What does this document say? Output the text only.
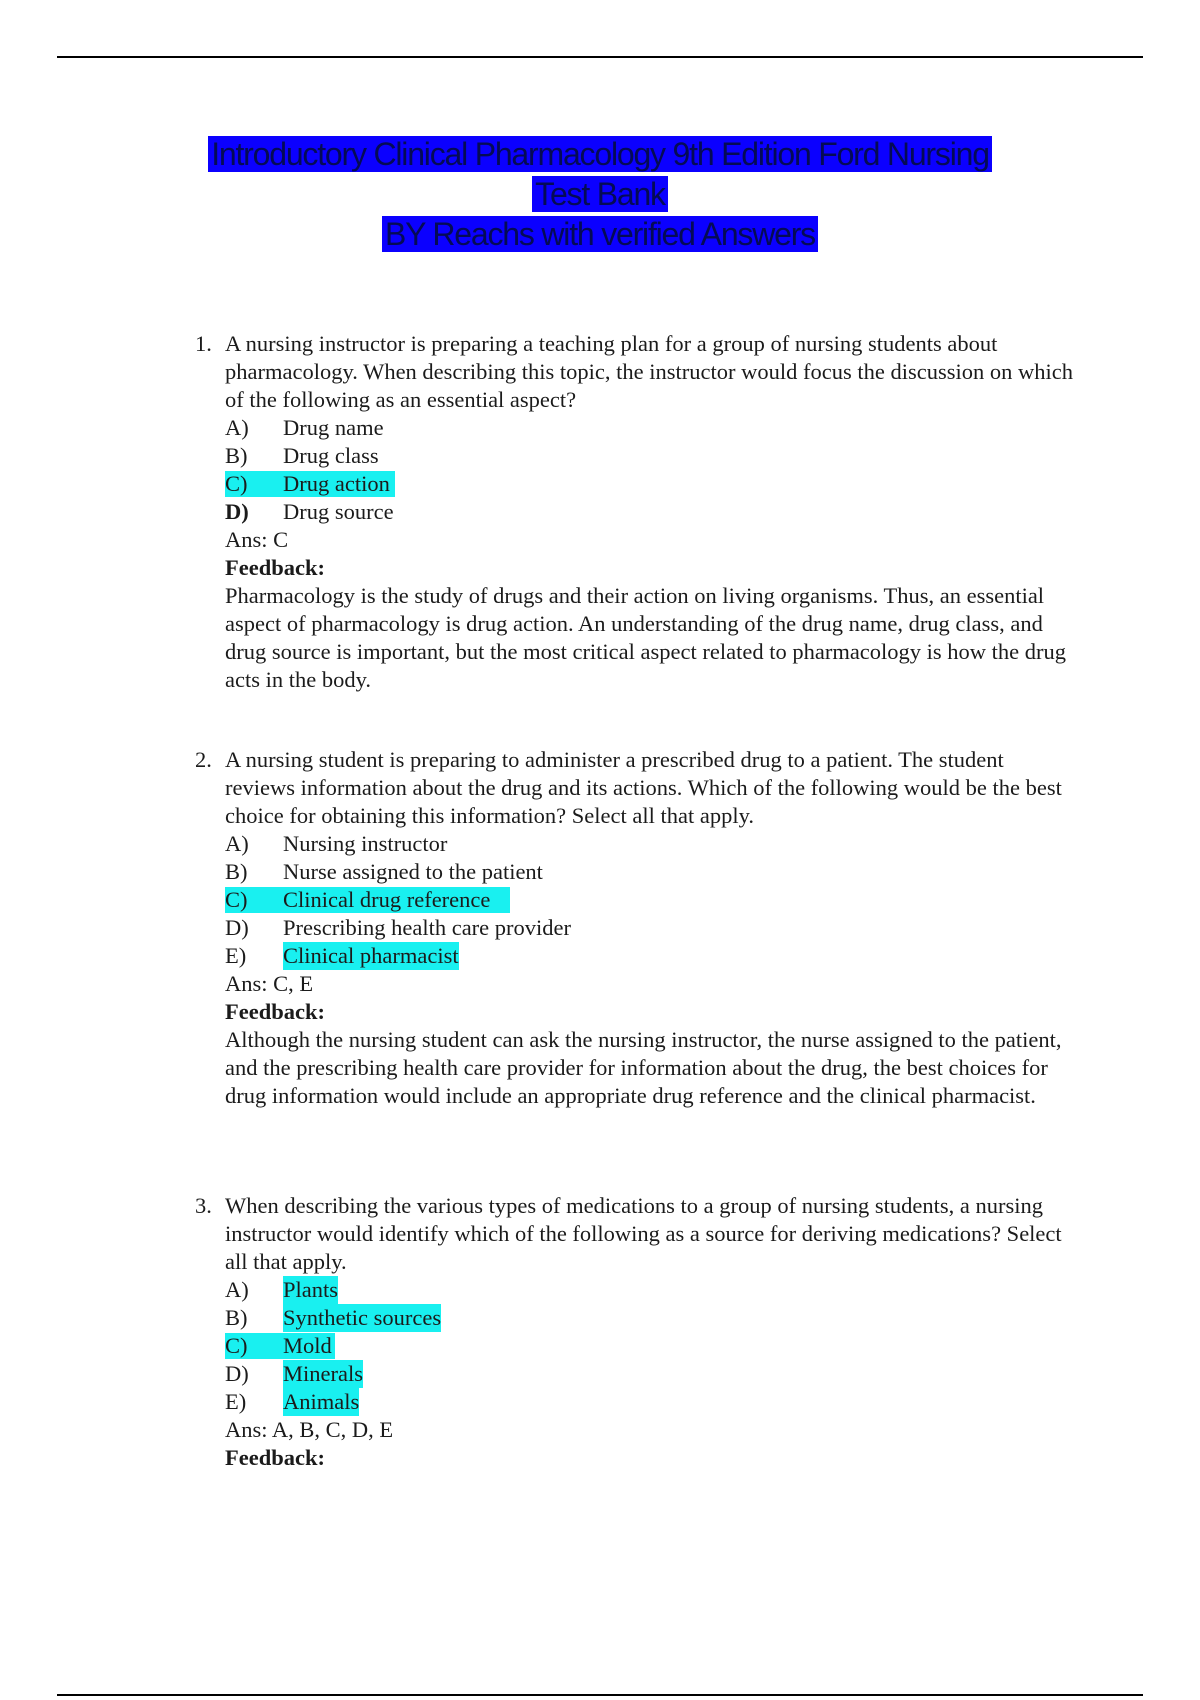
Introductory Clinical Pharmacology 9th Edition Ford Nursing
Test Bank
BY Reachs with verified Answers
1. A nursing instructor is preparing a teaching plan for a group of nursing students about pharmacology. When describing this topic, the instructor would focus the discussion on which of the following as an essential aspect?
A) Drug name
B) Drug class
C) Drug action
D) Drug source
Ans: C
Feedback:
Pharmacology is the study of drugs and their action on living organisms. Thus, an essential aspect of pharmacology is drug action. An understanding of the drug name, drug class, and drug source is important, but the most critical aspect related to pharmacology is how the drug acts in the body.
2. A nursing student is preparing to administer a prescribed drug to a patient. The student reviews information about the drug and its actions. Which of the following would be the best choice for obtaining this information? Select all that apply.
A) Nursing instructor
B) Nurse assigned to the patient
C) Clinical drug reference
D) Prescribing health care provider
E) Clinical pharmacist
Ans: C, E
Feedback:
Although the nursing student can ask the nursing instructor, the nurse assigned to the patient, and the prescribing health care provider for information about the drug, the best choices for drug information would include an appropriate drug reference and the clinical pharmacist.
3. When describing the various types of medications to a group of nursing students, a nursing instructor would identify which of the following as a source for deriving medications? Select all that apply.
A) Plants
B) Synthetic sources
C) Mold
D) Minerals
E) Animals
Ans: A, B, C, D, E
Feedback:
